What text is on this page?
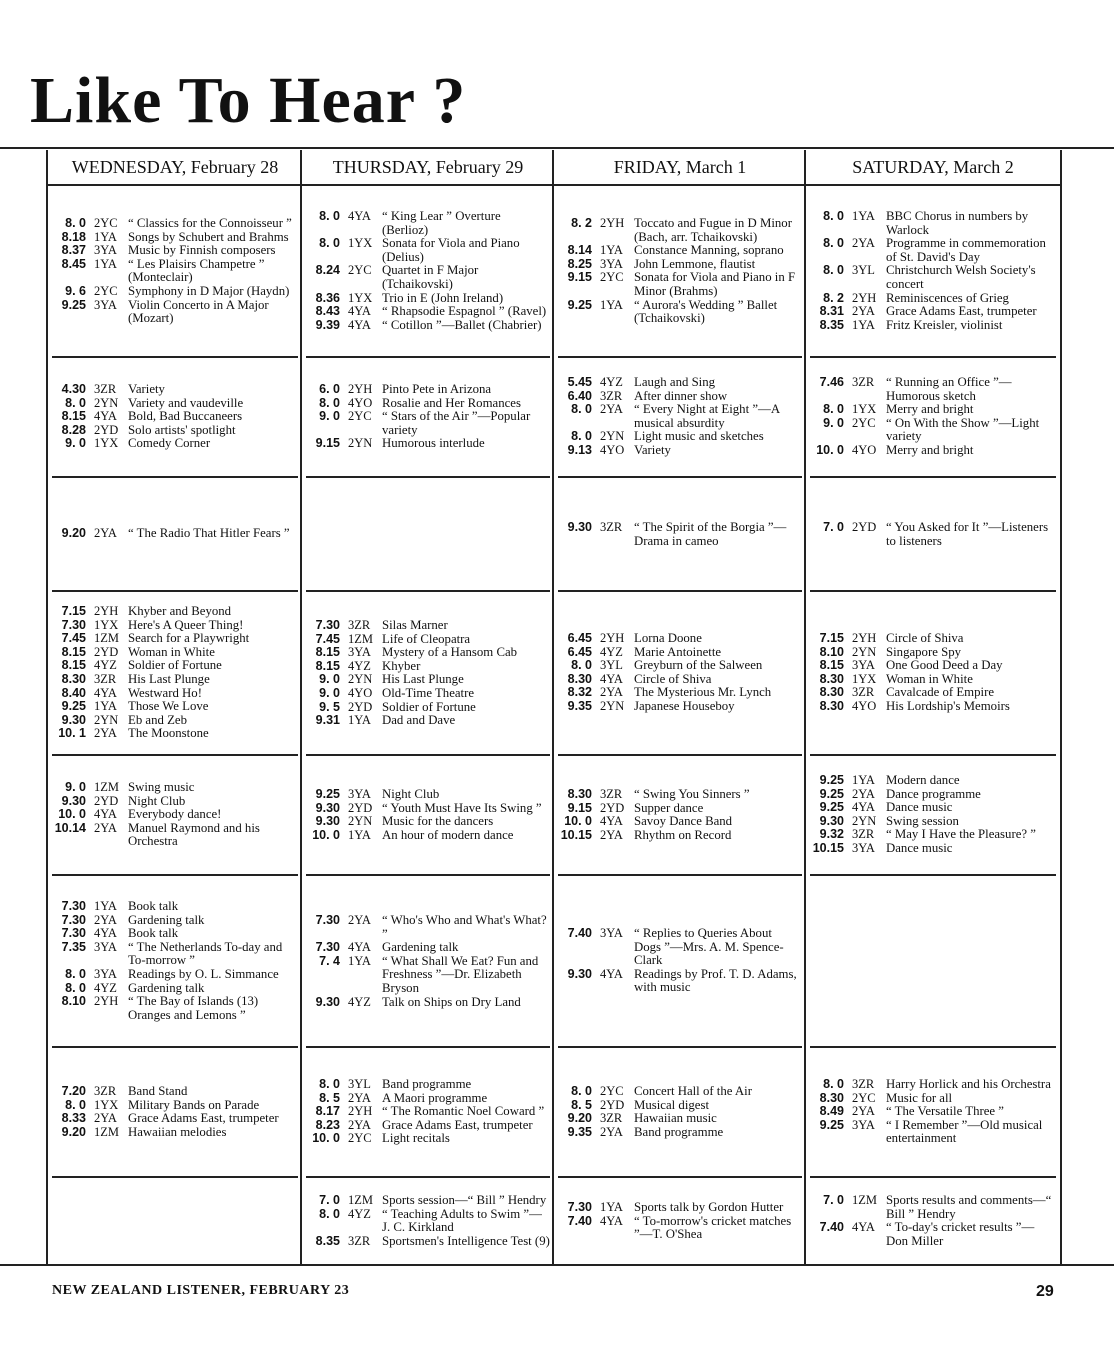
Like To Hear ?
WEDNESDAY, February 28
8. 0 2YC “ Classics for the Connoisseur ”
8.18 1YA Songs by Schubert and Brahms
8.37 3YA Music by Finnish composers
8.45 1YA “ Les Plaisirs Champetre ” (Monteclair)
9. 6 2YC Symphony in D Major (Haydn)
9.25 3YA Violin Concerto in A Major (Mozart)
4.30 3ZR Variety
8. 0 2YN Variety and vaudeville
8.15 4YA Bold, Bad Buccaneers
8.28 2YD Solo artists' spotlight
9. 0 1YX Comedy Corner
9.20 2YA “ The Radio That Hitler Fears ”
7.15 2YH Khyber and Beyond
7.30 1YX Here's A Queer Thing!
7.45 1ZM Search for a Playwright
8.15 2YD Woman in White
8.15 4YZ Soldier of Fortune
8.30 3ZR His Last Plunge
8.40 4YA Westward Ho!
9.25 1YA Those We Love
9.30 2YN Eb and Zeb
10. 1 2YA The Moonstone
9. 0 1ZM Swing music
9.30 2YD Night Club
10. 0 4YA Everybody dance!
10.14 2YA Manuel Raymond and his Orchestra
7.30 1YA Book talk
7.30 2YA Gardening talk
7.30 4YA Book talk
7.35 3YA “ The Netherlands To-day and To-morrow ”
8. 0 3YA Readings by O. L. Simmance
8. 0 4YZ Gardening talk
8.10 2YH “ The Bay of Islands (13) Oranges and Lemons ”
7.20 3ZR Band Stand
8. 0 1YX Military Bands on Parade
8.33 2YA Grace Adams East, trumpeter
9.20 1ZM Hawaiian melodies
THURSDAY, February 29
8. 0 4YA “ King Lear ” Overture (Berlioz)
8. 0 1YX Sonata for Viola and Piano (Delius)
8.24 2YC Quartet in F Major (Tchaikovski)
8.36 1YX Trio in E (John Ireland)
8.43 4YA “ Rhapsodie Espagnol ” (Ravel)
9.39 4YA “ Cotillon ”—Ballet (Chabrier)
6. 0 2YH Pinto Pete in Arizona
8. 0 4YO Rosalie and Her Romances
9. 0 2YC “ Stars of the Air ”—Popular variety
9.15 2YN Humorous interlude
7.30 3ZR Silas Marner
7.45 1ZM Life of Cleopatra
8.15 3YA Mystery of a Hansom Cab
8.15 4YZ Khyber
9. 0 2YN His Last Plunge
9. 0 4YO Old-Time Theatre
9. 5 2YD Soldier of Fortune
9.31 1YA Dad and Dave
9.25 3YA Night Club
9.30 2YD “ Youth Must Have Its Swing ”
9.30 2YN Music for the dancers
10. 0 1YA An hour of modern dance
7.30 2YA “ Who's Who and What's What? ”
7.30 4YA Gardening talk
7. 4 1YA “ What Shall We Eat? Fun and Freshness ”—Dr. Elizabeth Bryson
9.30 4YZ Talk on Ships on Dry Land
8. 0 3YL Band programme
8. 5 2YA A Maori programme
8.17 2YH “ The Romantic Noel Coward ”
8.23 2YA Grace Adams East, trumpeter
10. 0 2YC Light recitals
7. 0 1ZM Sports session—“ Bill ” Hendry
8. 0 4YZ “ Teaching Adults to Swim ”—J. C. Kirkland
8.35 3ZR Sportsmen's Intelligence Test (9)
FRIDAY, March 1
8. 2 2YH Toccato and Fugue in D Minor (Bach, arr. Tchaikovski)
8.14 1YA Constance Manning, soprano
8.25 3YA John Lemmone, flautist
9.15 2YC Sonata for Viola and Piano in F Minor (Brahms)
9.25 1YA “ Aurora's Wedding ” Ballet (Tchaikovski)
5.45 4YZ Laugh and Sing
6.40 3ZR After dinner show
8. 0 2YA “ Every Night at Eight ”—A musical absurdity
8. 0 2YN Light music and sketches
9.13 4YO Variety
9.30 3ZR “ The Spirit of the Borgia ”—Drama in cameo
6.45 2YH Lorna Doone
6.45 4YZ Marie Antoinette
8. 0 3YL Greyburn of the Salween
8.30 4YA Circle of Shiva
8.32 2YA The Mysterious Mr. Lynch
9.35 2YN Japanese Houseboy
8.30 3ZR “ Swing You Sinners ”
9.15 2YD Supper dance
10. 0 4YA Savoy Dance Band
10.15 2YA Rhythm on Record
7.40 3YA “ Replies to Queries About Dogs ”—Mrs. A. M. Spence-Clark
9.30 4YA Readings by Prof. T. D. Adams, with music
8. 0 2YC Concert Hall of the Air
8. 5 2YD Musical digest
9.20 3ZR Hawaiian music
9.35 2YA Band programme
7.30 1YA Sports talk by Gordon Hutter
7.40 4YA “ To-morrow's cricket matches ”—T. O'Shea
SATURDAY, March 2
8. 0 1YA BBC Chorus in numbers by Warlock
8. 0 2YA Programme in commemoration of St. David's Day
8. 0 3YL Christchurch Welsh Society's concert
8. 2 2YH Reminiscences of Grieg
8.31 2YA Grace Adams East, trumpeter
8.35 1YA Fritz Kreisler, violinist
7.46 3ZR “ Running an Office ”—Humorous sketch
8. 0 1YX Merry and bright
9. 0 2YC “ On With the Show ”—Light variety
10. 0 4YO Merry and bright
7. 0 2YD “ You Asked for It ”—Listeners to listeners
7.15 2YH Circle of Shiva
8.10 2YN Singapore Spy
8.15 3YA One Good Deed a Day
8.30 1YX Woman in White
8.30 3ZR Cavalcade of Empire
8.30 4YO His Lordship's Memoirs
9.25 1YA Modern dance
9.25 2YA Dance programme
9.25 4YA Dance music
9.30 2YN Swing session
9.32 3ZR “ May I Have the Pleasure? ”
10.15 3YA Dance music
8. 0 3ZR Harry Horlick and his Orchestra
8.30 2YC Music for all
8.49 2YA “ The Versatile Three ”
9.25 3YA “ I Remember ”—Old musical entertainment
7. 0 1ZM Sports results and comments—“ Bill ” Hendry
7.40 4YA “ To-day's cricket results ”—Don Miller
NEW ZEALAND LISTENER, FEBRUARY 23	29
